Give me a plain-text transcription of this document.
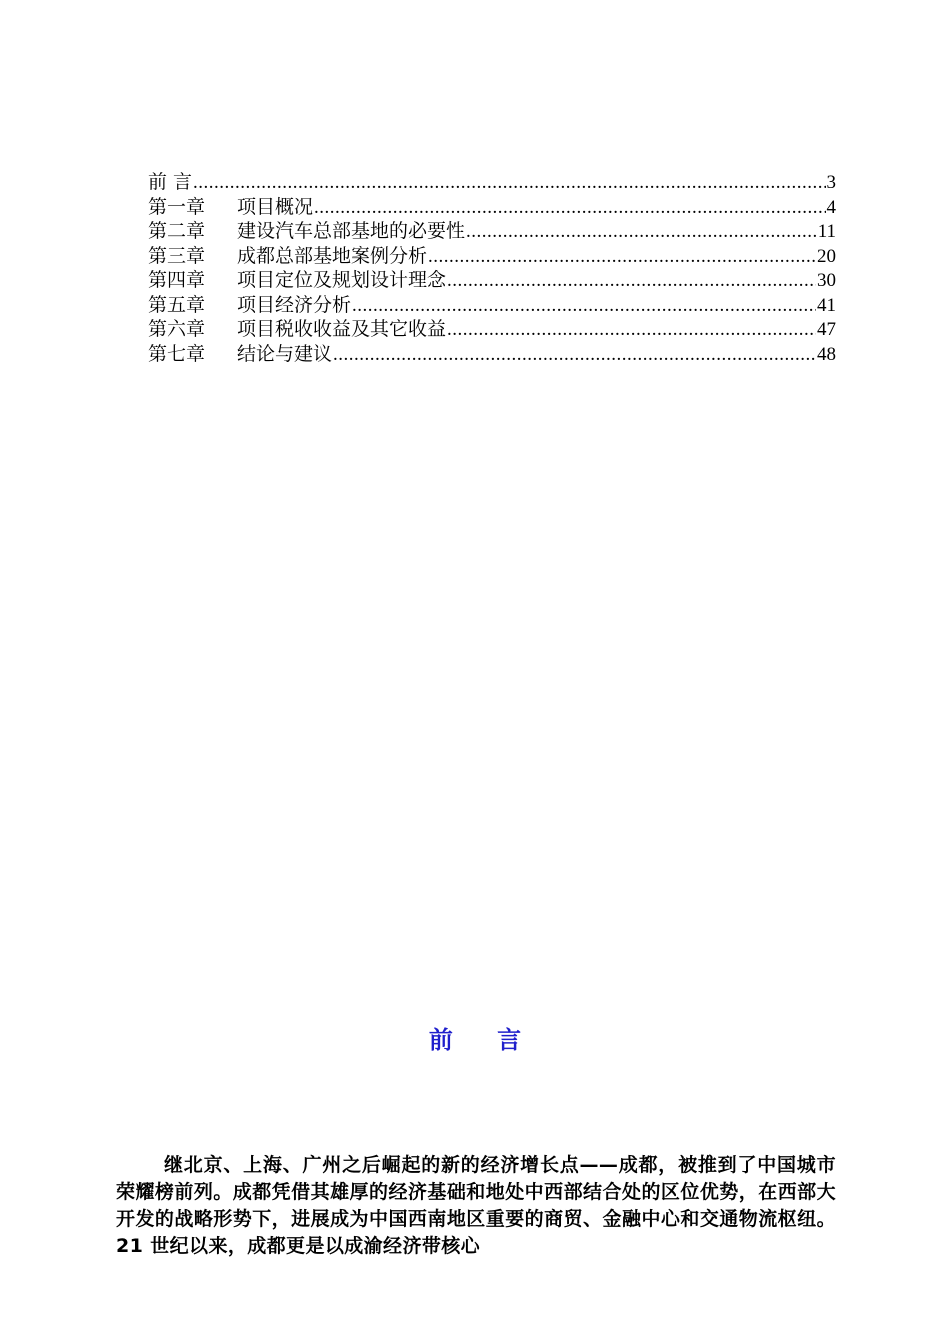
前 言 .....	3
第一章	项目概况 .....	4
第二章	建设汽车总部基地的必要性 .....	11
第三章	成都总部基地案例分析 .....	20
第四章	项目定位及规划设计理念 .....	30
第五章	项目经济分析 .....	41
第六章	项目税收收益及其它收益 .....	47
第七章	结论与建议 .....	48
前 言

继北京、上海、广州之后崛起的新的经济增长点——成都，被推到了中国城市荣耀榜前列。成都凭借其雄厚的经济基础和地处中西部结合处的区位优势，在西部大开发的战略形势下，进展成为中国西南地区重要的商贸、金融中心和交通物流枢纽。21 世纪以来，成都更是以成渝经济带核心
